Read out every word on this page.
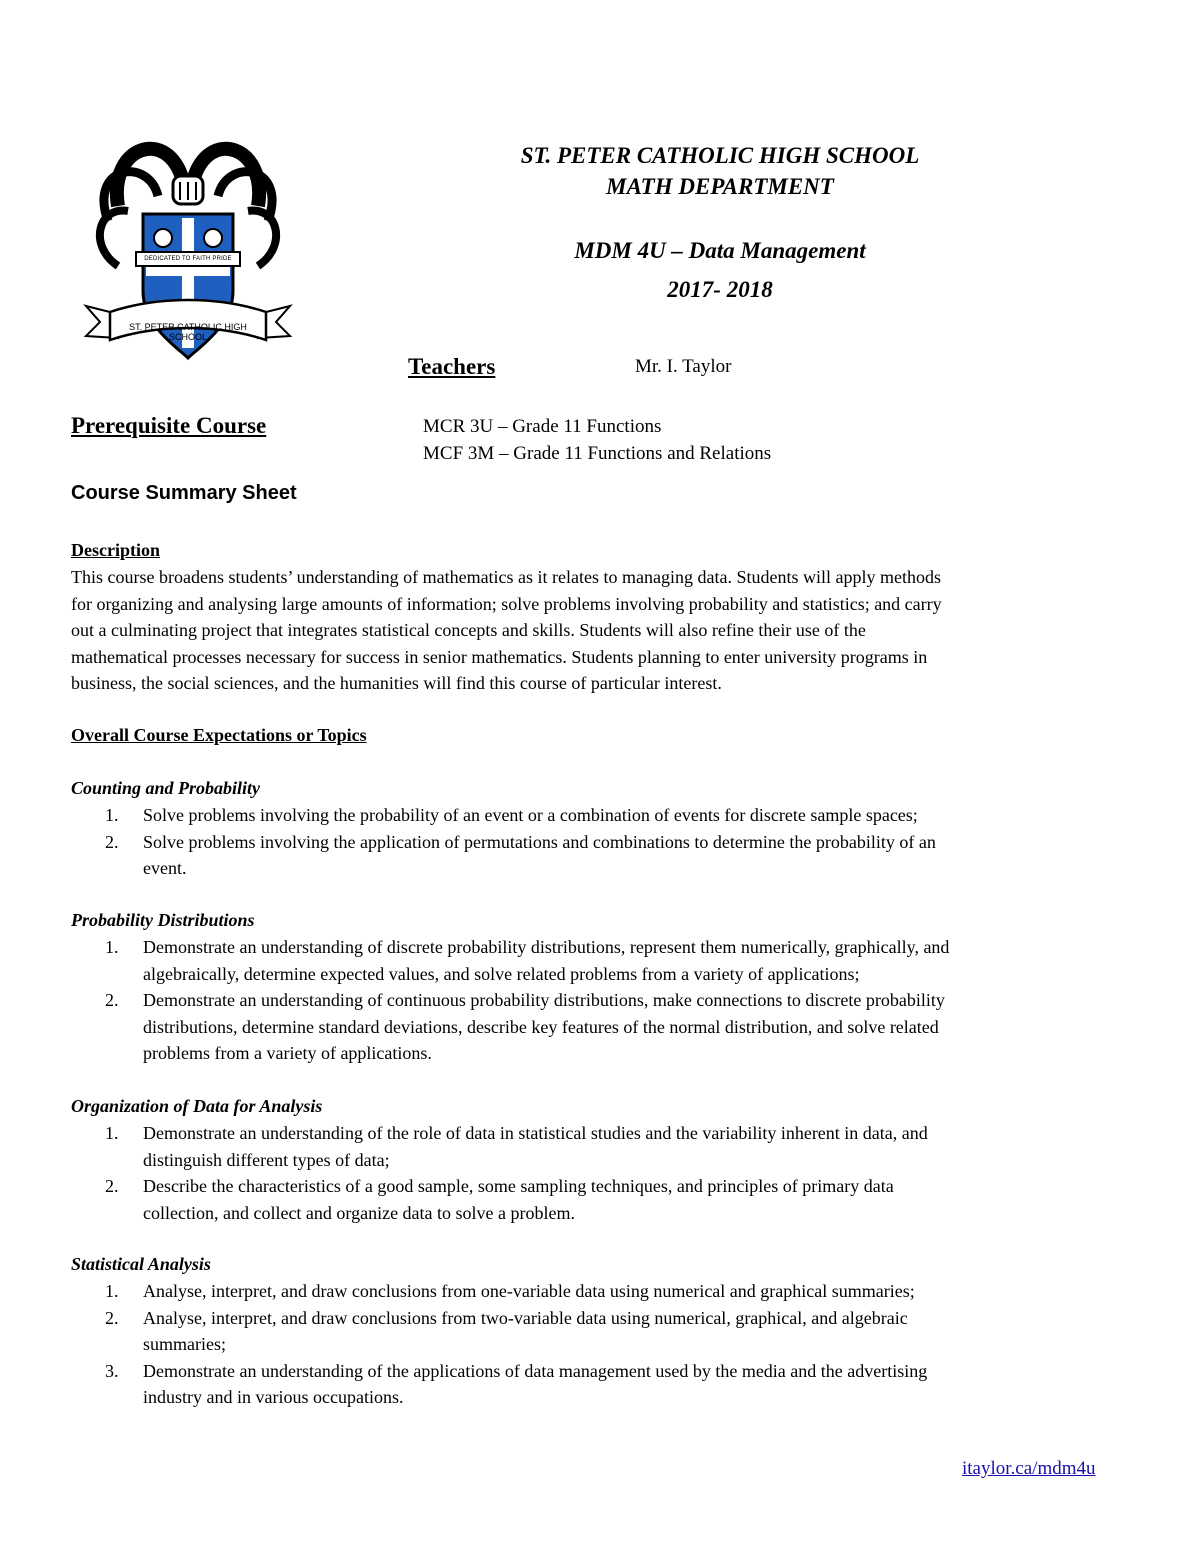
DEDICATED TO FAITH PRIDE
ST. PETER CATHOLIC HIGH SCHOOL
ST. PETER CATHOLIC HIGH SCHOOL
MATH DEPARTMENT
MDM 4U – Data Management
2017- 2018
Teachers	Mr. I. Taylor
Prerequisite Course	MCR 3U – Grade 11 Functions
MCF 3M – Grade 11 Functions and Relations
Course Summary Sheet
Description
This course broadens students’ understanding of mathematics as it relates to managing data. Students will apply methods
for organizing and analysing large amounts of information; solve problems involving probability and statistics; and carry
out a culminating project that integrates statistical concepts and skills. Students will also refine their use of the
mathematical processes necessary for success in senior mathematics. Students planning to enter university programs in
business, the social sciences, and the humanities will find this course of particular interest.
Overall Course Expectations or Topics
Counting and Probability
1. Solve problems involving the probability of an event or a combination of events for discrete sample spaces;
2. Solve problems involving the application of permutations and combinations to determine the probability of an
event.
Probability Distributions
1. Demonstrate an understanding of discrete probability distributions, represent them numerically, graphically, and
algebraically, determine expected values, and solve related problems from a variety of applications;
2. Demonstrate an understanding of continuous probability distributions, make connections to discrete probability
distributions, determine standard deviations, describe key features of the normal distribution, and solve related
problems from a variety of applications.
Organization of Data for Analysis
1. Demonstrate an understanding of the role of data in statistical studies and the variability inherent in data, and
distinguish different types of data;
2. Describe the characteristics of a good sample, some sampling techniques, and principles of primary data
collection, and collect and organize data to solve a problem.
Statistical Analysis
1. Analyse, interpret, and draw conclusions from one-variable data using numerical and graphical summaries;
2. Analyse, interpret, and draw conclusions from two-variable data using numerical, graphical, and algebraic
summaries;
3. Demonstrate an understanding of the applications of data management used by the media and the advertising
industry and in various occupations.
itaylor.ca/mdm4u
